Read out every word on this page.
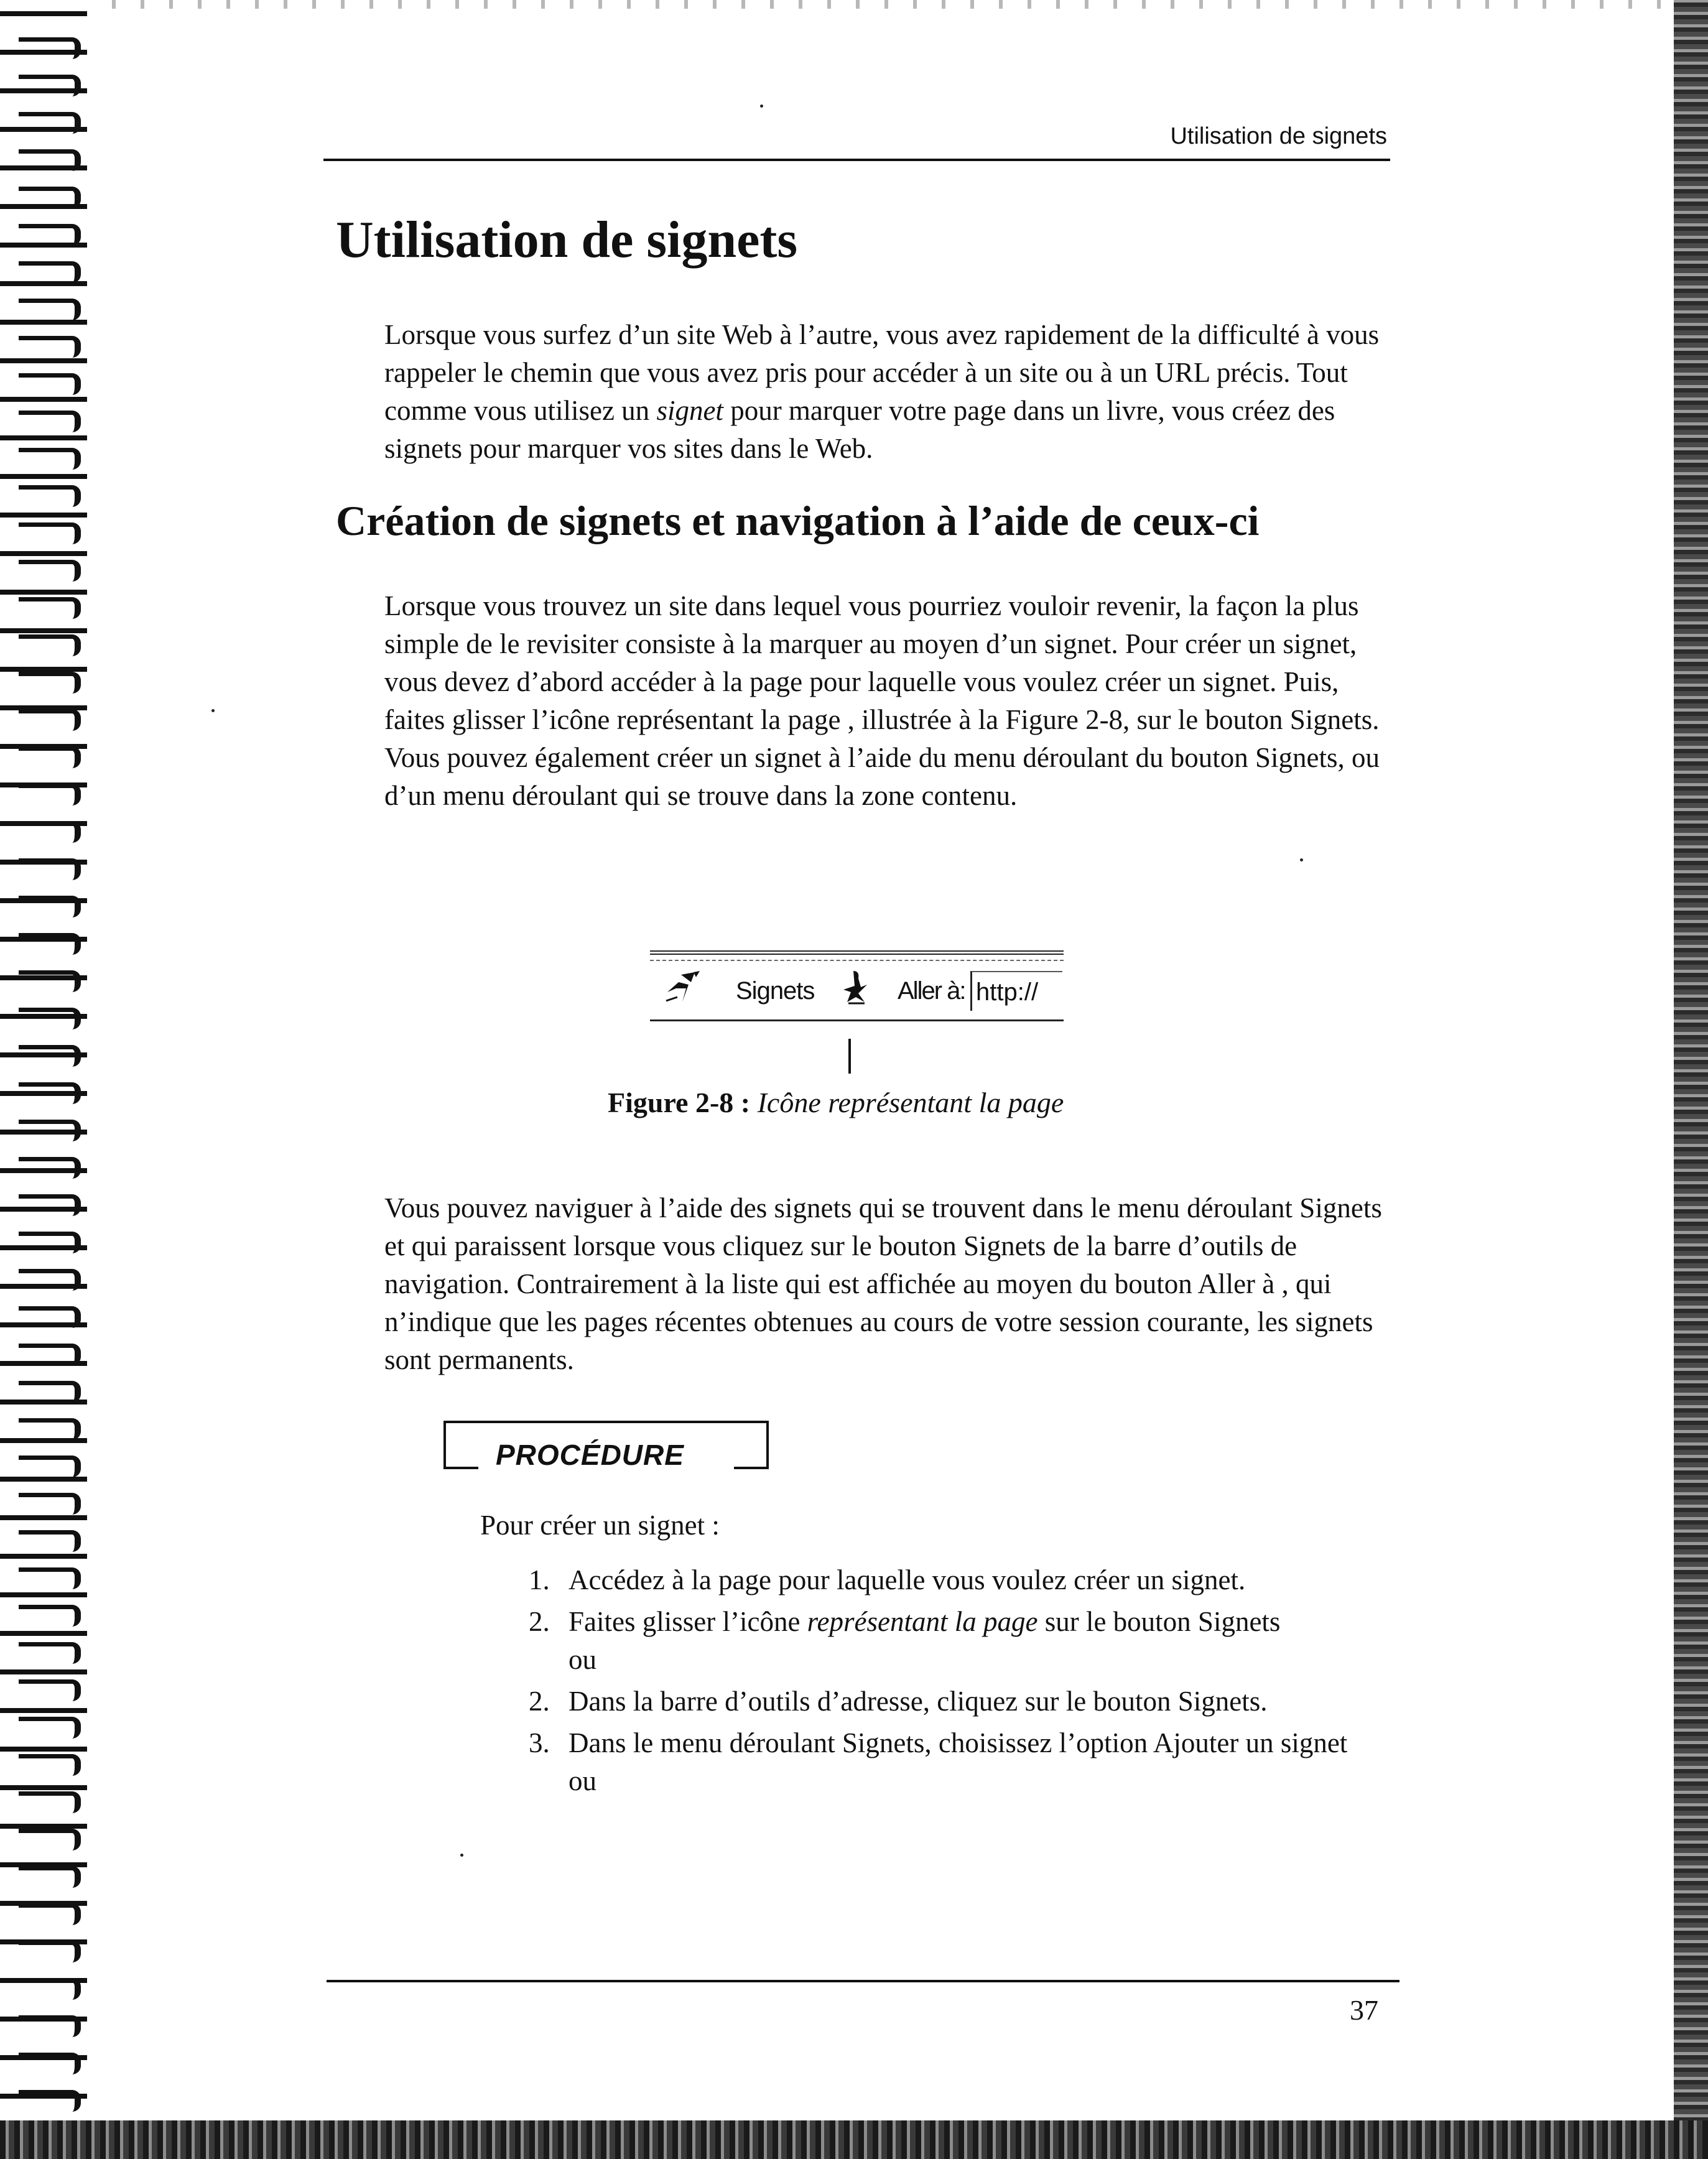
Utilisation de signets
Utilisation de signets

Lorsque vous surfez d’un site Web à l’autre, vous avez rapidement de la difficulté à vous rappeler le chemin que vous avez pris pour accéder à un site ou à un URL précis. Tout comme vous utilisez un signet pour marquer votre page dans un livre, vous créez des signets pour marquer vos sites dans le Web.

Création de signets et navigation à l’aide de ceux-ci

Lorsque vous trouvez un site dans lequel vous pourriez vouloir revenir, la façon la plus simple de le revisiter consiste à la marquer au moyen d’un signet. Pour créer un signet, vous devez d’abord accéder à la page pour laquelle vous voulez créer un signet. Puis, faites glisser l’icône représentant la page , illustrée à la Figure 2-8, sur le bouton Signets. Vous pouvez également créer un signet à l’aide du menu déroulant du bouton Signets, ou d’un menu déroulant qui se trouve dans la zone contenu.

Signets	Aller à: http://
Figure 2-8 : Icône représentant la page

Vous pouvez naviguer à l’aide des signets qui se trouvent dans le menu déroulant Signets et qui paraissent lorsque vous cliquez sur le bouton Signets de la barre d’outils de navigation. Contrairement à la liste qui est affichée au moyen du bouton Aller à , qui n’indique que les pages récentes obtenues au cours de votre session courante, les signets sont permanents.

PROCÉDURE

Pour créer un signet :

1. Accédez à la page pour laquelle vous voulez créer un signet.
2. Faites glisser l’icône représentant la page sur le bouton Signets
ou
2. Dans la barre d’outils d’adresse, cliquez sur le bouton Signets.
3. Dans le menu déroulant Signets, choisissez l’option Ajouter un signet
ou
37
